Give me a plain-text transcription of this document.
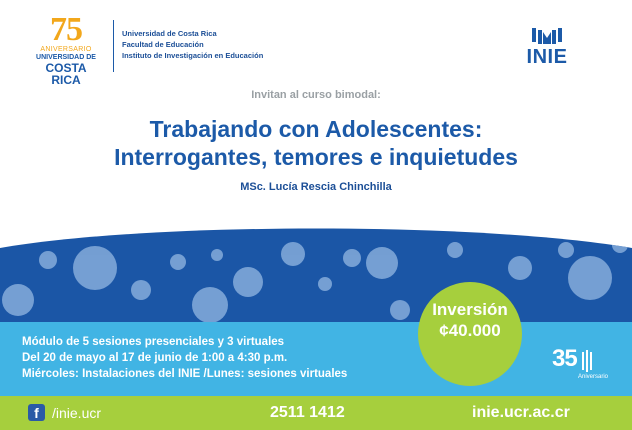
75
ANIVERSARIO
UNIVERSIDAD DE
COSTA RICA
Universidad de Costa Rica
Facultad de Educación
Instituto de Investigación en Educación	INIE
Invitan al curso bimodal:
Trabajando con Adolescentes:
Interrogantes, temores e inquietudes
MSc. Lucía Rescia Chinchilla
Inversión
¢40.000
Módulo de 5 sesiones presenciales y 3 virtuales
Del 20 de mayo al 17 de junio de 1:00 a 4:30 p.m.
Miércoles: Instalaciones del INIE /Lunes: sesiones virtuales
35
Aniversario
f /inie.ucr	2511 1412	inie.ucr.ac.cr
